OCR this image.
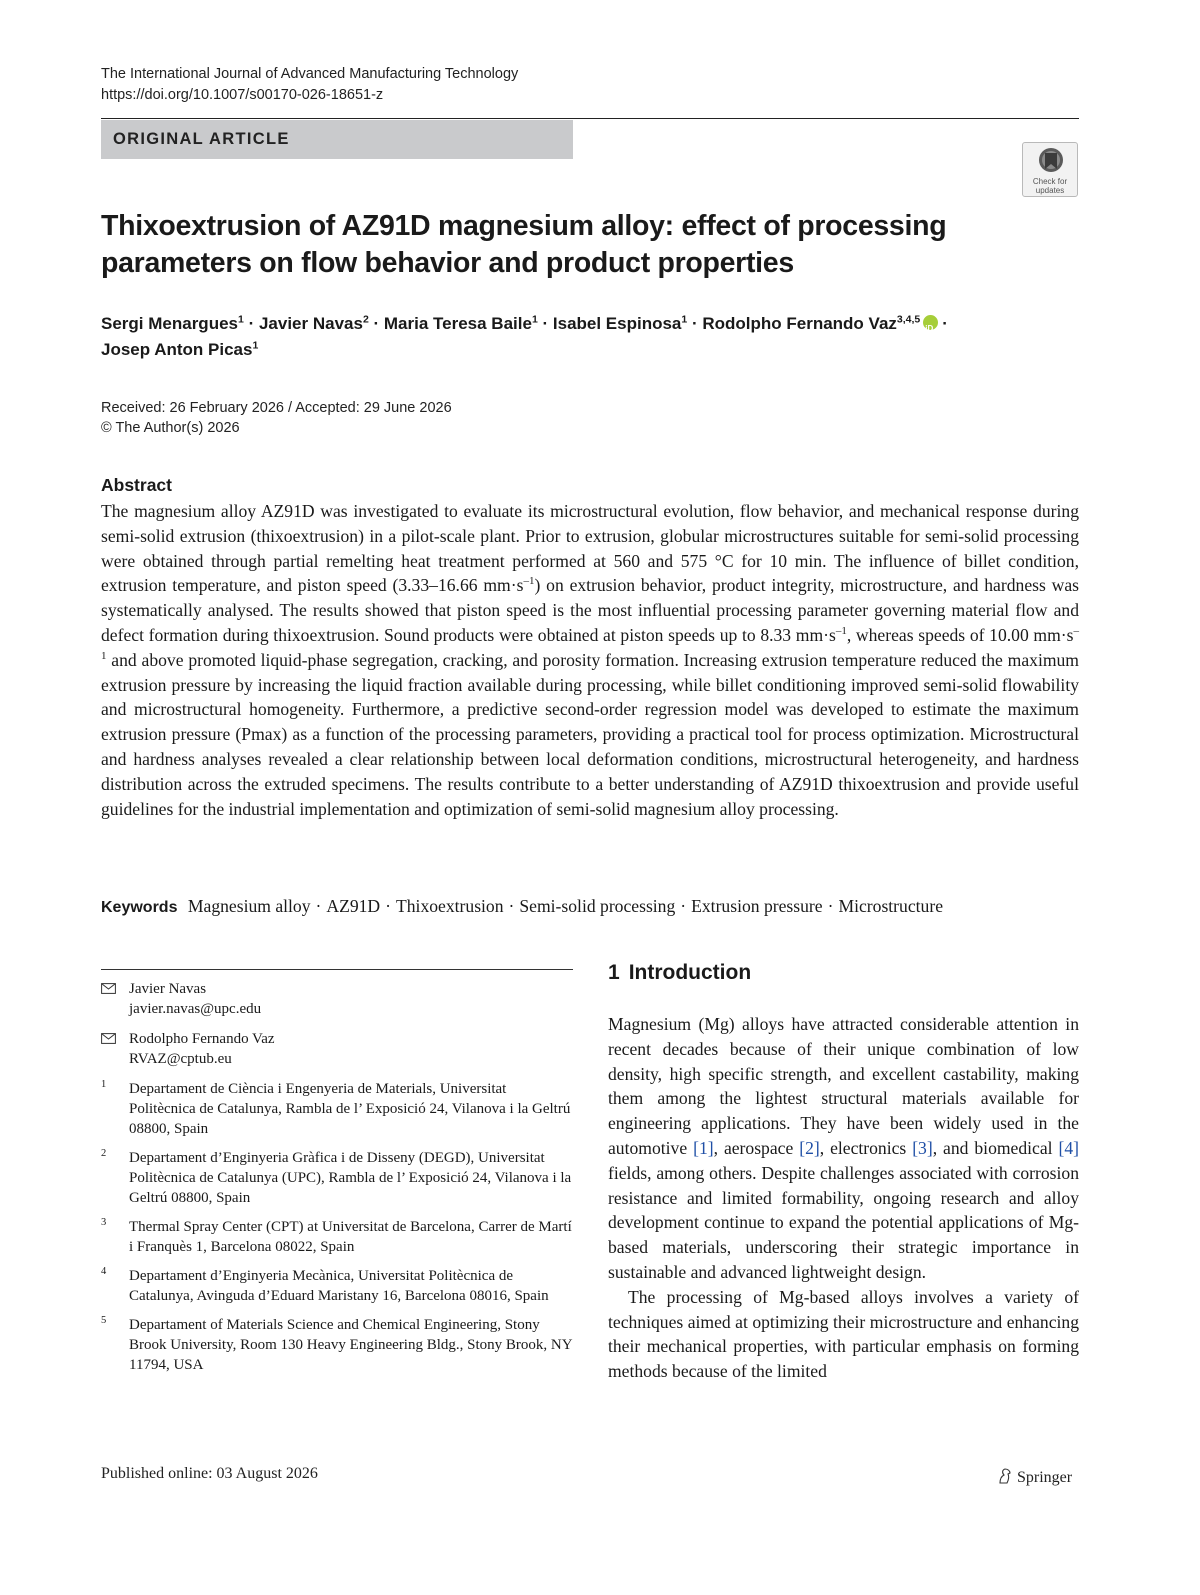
The International Journal of Advanced Manufacturing Technology
https://doi.org/10.1007/s00170-026-18651-z
ORIGINAL ARTICLE
Check for
updates
Thixoextrusion of AZ91D magnesium alloy: effect of processing parameters on flow behavior and product properties
Sergi Menargues$^1$ · Javier Navas$^2$ · Maria Teresa Baile$^1$ · Isabel Espinosa$^1$ · Rodolpho Fernando Vaz$^{3,4,5}$iD ·
Josep Anton Picas$^1$
Received: 26 February 2026 / Accepted: 29 June 2026
© The Author(s) 2026
Abstract

The magnesium alloy AZ91D was investigated to evaluate its microstructural evolution, flow behavior, and mechanical response during semi-solid extrusion (thixoextrusion) in a pilot-scale plant. Prior to extrusion, globular microstructures suitable for semi-solid processing were obtained through partial remelting heat treatment performed at 560 and 575 °C for 10 min. The influence of billet condition, extrusion temperature, and piston speed (3.33–16.66 $mm\cdot s^{-1}$) on extrusion behavior, product integrity, microstructure, and hardness was systematically analysed. The results showed that piston speed is the most influential processing parameter governing material flow and defect formation during thixoextrusion. Sound products were obtained at piston speeds up to 8.33 $mm\cdot s^{-1}$, whereas speeds of 10.00 $mm\cdot s^{-1}$ and above promoted liquid-phase segregation, cracking, and porosity formation. Increasing extrusion temperature reduced the maximum extrusion pressure by increasing the liquid fraction available during processing, while billet conditioning improved semi-solid flowability and microstructural homogeneity. Furthermore, a predictive second-order regression model was developed to estimate the maximum extrusion pressure (Pmax) as a function of the processing parameters, providing a practical tool for process optimization. Microstructural and hardness analyses revealed a clear relationship between local deformation conditions, microstructural heterogeneity, and hardness distribution across the extruded specimens. The results contribute to a better understanding of AZ91D thixoextrusion and provide useful guidelines for the industrial implementation and optimization of semi-solid magnesium alloy processing.

Keywords Magnesium alloy · AZ91D · Thixoextrusion · Semi-solid processing · Extrusion pressure · Microstructure
Javier Navas
javier.navas@upc.edu
Rodolpho Fernando Vaz
RVAZ@cptub.eu
1 Departament de Ciència i Engenyeria de Materials, Universitat Politècnica de Catalunya, Rambla de l’ Exposició 24, Vilanova i la Geltrú 08800, Spain
2 Departament d’Enginyeria Gràfica i de Disseny (DEGD), Universitat Politècnica de Catalunya (UPC), Rambla de l’ Exposició 24, Vilanova i la Geltrú 08800, Spain
3 Thermal Spray Center (CPT) at Universitat de Barcelona, Carrer de Martí i Franquès 1, Barcelona 08022, Spain
4 Departament d’Enginyeria Mecànica, Universitat Politècnica de Catalunya, Avinguda d’Eduard Maristany 16, Barcelona 08016, Spain
5 Departament of Materials Science and Chemical Engineering, Stony Brook University, Room 130 Heavy Engineering Bldg., Stony Brook, NY 11794, USA
1 Introduction

Magnesium (Mg) alloys have attracted considerable attention in recent decades because of their unique combination of low density, high specific strength, and excellent castability, making them among the lightest structural materials available for engineering applications. They have been widely used in the automotive [1], aerospace [2], electronics [3], and biomedical [4] fields, among others. Despite challenges associated with corrosion resistance and limited formability, ongoing research and alloy development continue to expand the potential applications of Mg-based materials, underscoring their strategic importance in sustainable and advanced lightweight design.

The processing of Mg-based alloys involves a variety of techniques aimed at optimizing their microstructure and enhancing their mechanical properties, with particular emphasis on forming methods because of the limited

Published online: 03 August 2026	Springer
